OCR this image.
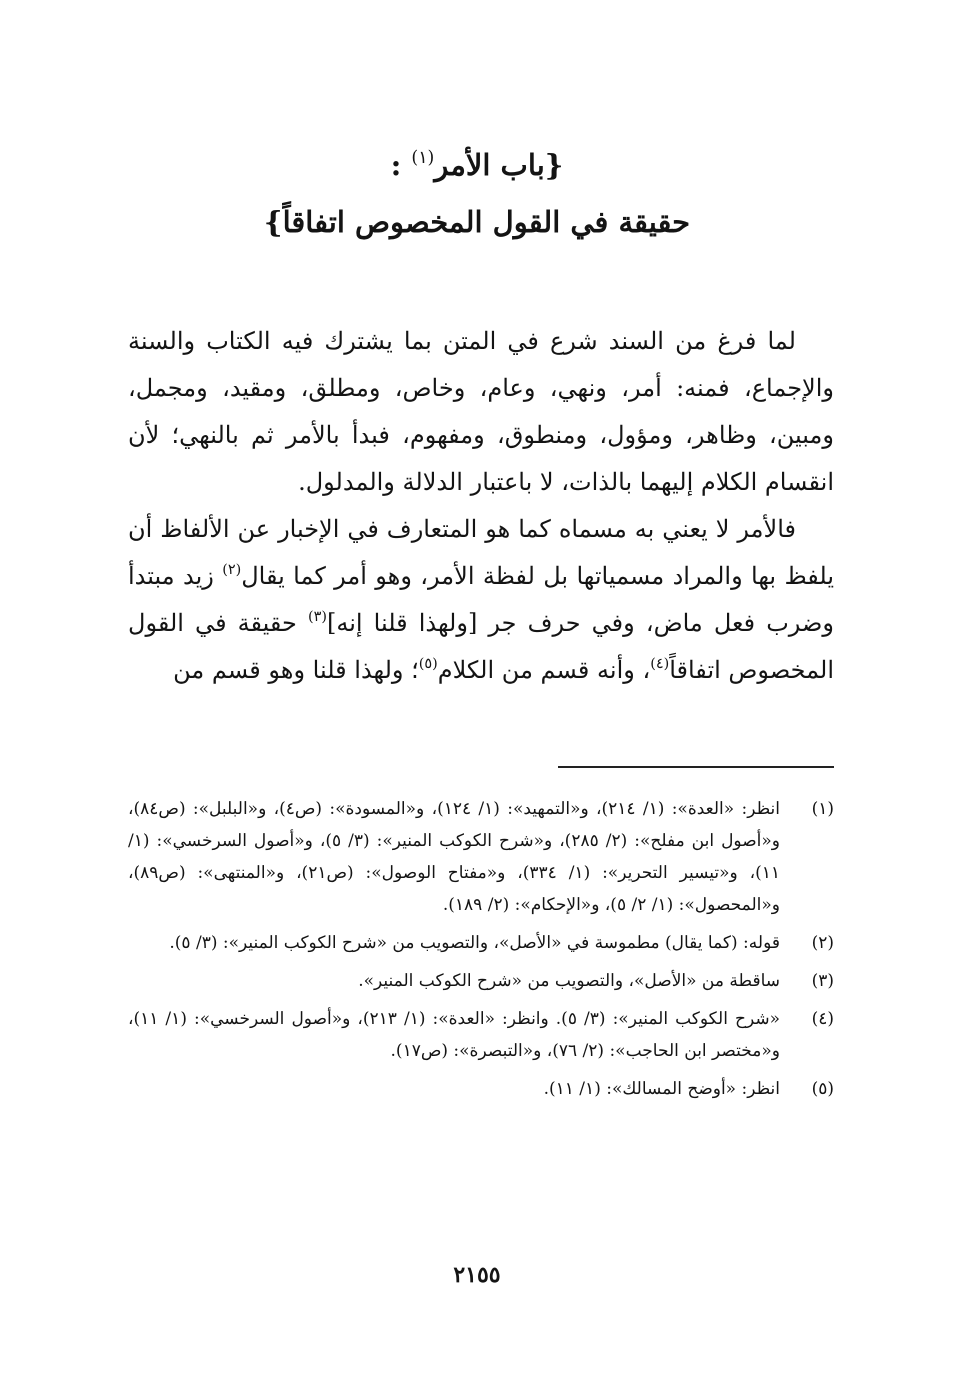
{باب الأمر$^{(١)}$ :
حقيقة في القول المخصوص اتفاقاً}

لما فرغ من السند شرع في المتن بما يشترك فيه الكتاب والسنة والإجماع، فمنه: أمر، ونهي، وعام، وخاص، ومطلق، ومقيد، ومجمل، ومبين، وظاهر، ومؤول، ومنطوق، ومفهوم، فبدأ بالأمر ثم بالنهي؛ لأن انقسام الكلام إليهما بالذات، لا باعتبار الدلالة والمدلول.

فالأمر لا يعني به مسماه كما هو المتعارف في الإخبار عن الألفاظ أن يلفظ بها والمراد مسمياتها بل لفظة الأمر، وهو أمر كما يقال$^{(٢)}$ زيد مبتدأ وضرب فعل ماض، وفي حرف جر [ولهذا قلنا إنه]$^{(٣)}$ حقيقة في القول المخصوص اتفاقاً$^{(٤)}$، وأنه قسم من الكلام$^{(٥)}$؛ ولهذا قلنا وهو قسم من

(١)
انظر: «العدة»: (١/ ٢١٤)، و«التمهيد»: (١/ ١٢٤)، و«المسودة»: (ص٤)، و«البلبل»: (ص٨٤)، و«أصول ابن مفلح»: (٢/ ٢٨٥)، و«شرح الكوكب المنير»: (٣/ ٥)، و«أصول السرخسي»: (١/ ١١)، و«تيسير التحرير»: (١/ ٣٣٤)، و«مفتاح الوصول»: (ص٢١)، و«المنتهى»: (ص٨٩)، و«المحصول»: (١/ ٢/ ٥)، و«الإحكام»: (٢/ ١٨٩).
(٢)
قوله: (كما يقال) مطموسة في «الأصل»، والتصويب من «شرح الكوكب المنير»: (٣/ ٥).
(٣)
ساقطة من «الأصل»، والتصويب من «شرح الكوكب المنير».
(٤)
«شرح الكوكب المنير»: (٣/ ٥). وانظر: «العدة»: (١/ ٢١٣)، و«أصول السرخسي»: (١/ ١١)، و«مختصر ابن الحاجب»: (٢/ ٧٦)، و«التبصرة»: (ص١٧).
(٥)
انظر: «أوضح المسالك»: (١/ ١١).
٢١٥٥
